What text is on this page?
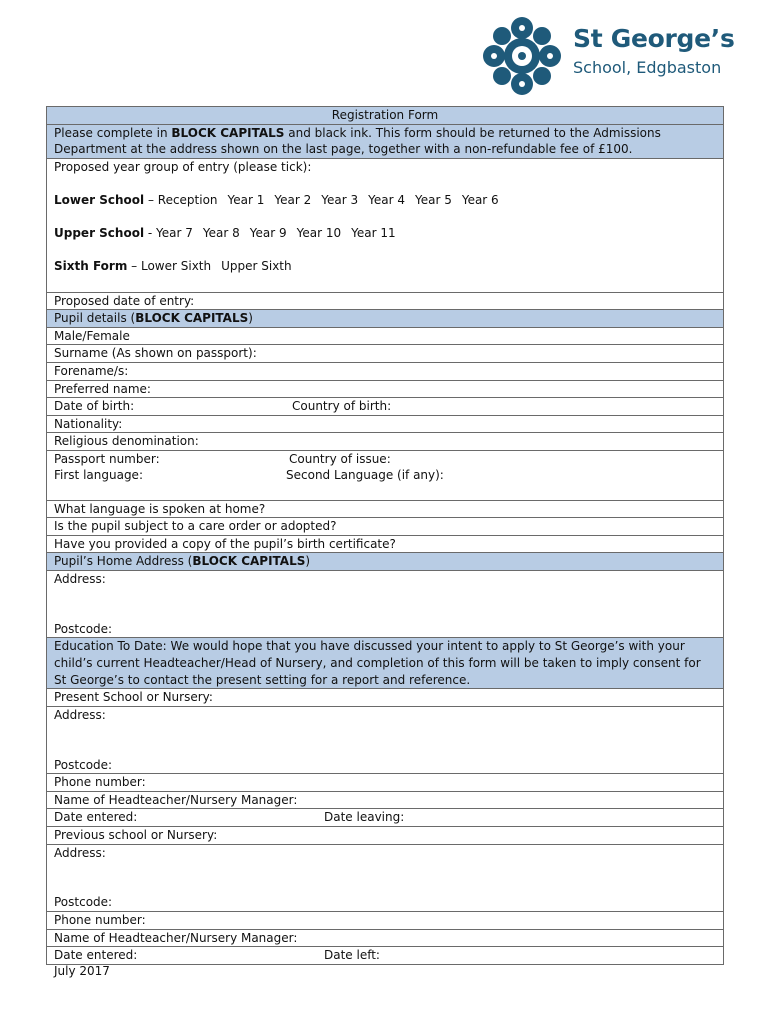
St George’s
School, Edgbaston
Registration Form
Please complete in BLOCK CAPITALS and black ink. This form should be returned to the Admissions Department at the address shown on the last page, together with a non-refundable fee of £100.
Proposed year group of entry (please tick):
Lower School – Reception Year 1 Year 2 Year 3 Year 4 Year 5 Year 6
Upper School - Year 7 Year 8 Year 9 Year 10 Year 11
Sixth Form – Lower Sixth Upper Sixth
Proposed date of entry:
Pupil details (BLOCK CAPITALS)
Male/Female
Surname (As shown on passport):
Forename/s:
Preferred name:
Date of birth:	Country of birth:
Nationality:
Religious denomination:
Passport number:	Country of issue:
First language:	Second Language (if any):
What language is spoken at home?
Is the pupil subject to a care order or adopted?
Have you provided a copy of the pupil’s birth certificate?
Pupil’s Home Address (BLOCK CAPITALS)
Address:
Postcode:
Education To Date: We would hope that you have discussed your intent to apply to St George’s with your child’s current Headteacher/Head of Nursery, and completion of this form will be taken to imply consent for St George’s to contact the present setting for a report and reference.
Present School or Nursery:
Address:
Postcode:
Phone number:
Name of Headteacher/Nursery Manager:
Date entered:	Date leaving:
Previous school or Nursery:
Address:
Postcode:
Phone number:
Name of Headteacher/Nursery Manager:
Date entered:	Date left:
July 2017
